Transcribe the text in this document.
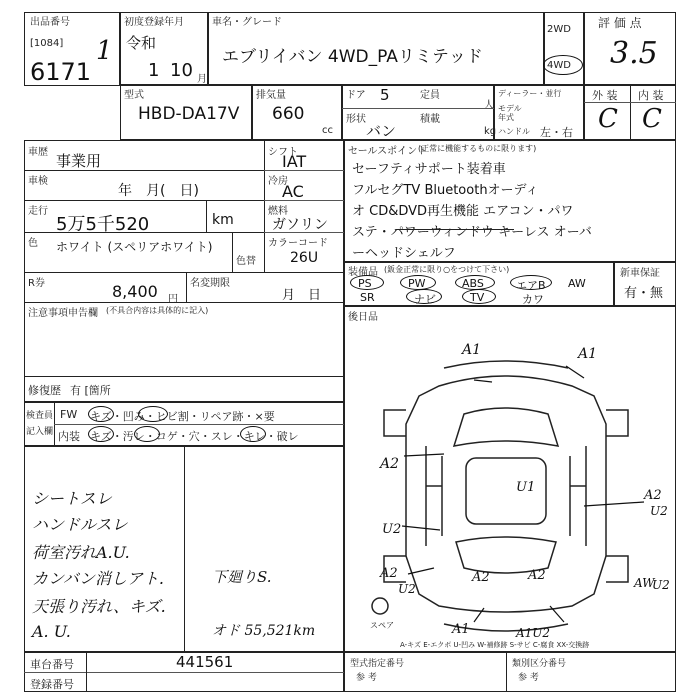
出品番号
[1084]
6171
1
初度登録年月
令和
1 10 月
車名・グレード
エブリイバン 4WD_PAリミテッド
2WD
4WD
評 価 点
3.5
型式
HBD-DA17V
排気量
660
cc
ドア 5	定員
人
形状
バン
積載
kg
ディーラー・並行
モデル年式
ハンドル 左・右
外 装 内 装
C C
車歴 事業用
車検
年　月(　日)
走行
5万5千520	km
色 ホワイト (スペリアホワイト)
色替
シフト
IAT
冷房
AC
燃料
ガソリン
カラーコード
26U
R券	8,400 円
名変期限
月　日
注意事項申告欄 (不具合内容は具体的に記入)
修復歴 有 [箇所
セールスポイント
(正常に機能するものに限ります)
セーフティサポート装着車
フルセグTV Bluetoothオーディ
オ CD&DVD再生機能 エアコン・パワ
ステ・パワーウィンドウ キーレス オーバ
ーヘッドシェルフ
装備品 (鈑金正常に限り○をつけて下さい)
PS	PW	ABS	エアB AW
SR	ナビ	TV	カワ
新車保証
有・無
後日品
A1	A1
A2
U1
U2
A2
U2
A2
U2
A2	A2
A1
AW
U2
A1U2
スペア
A-キズ E-エクボ U-凹み W-補修跡 S-サビ C-腐食 XX-交換跡
検査員
記入欄
FW キズ・凹み・ヒビ割・リペア跡・×要
内装 キズ・汚レ・コゲ・穴・スレ・キレ・破レ
シートスレ
ハンドルスレ
荷室汚れA.U.
カンバン消しアト.
天張り汚れ、キズ.
A. U.
下廻りS.
オド 55,521km
車台番号	441561
登録番号
型式指定番号
参 考
類別区分番号
参 考
